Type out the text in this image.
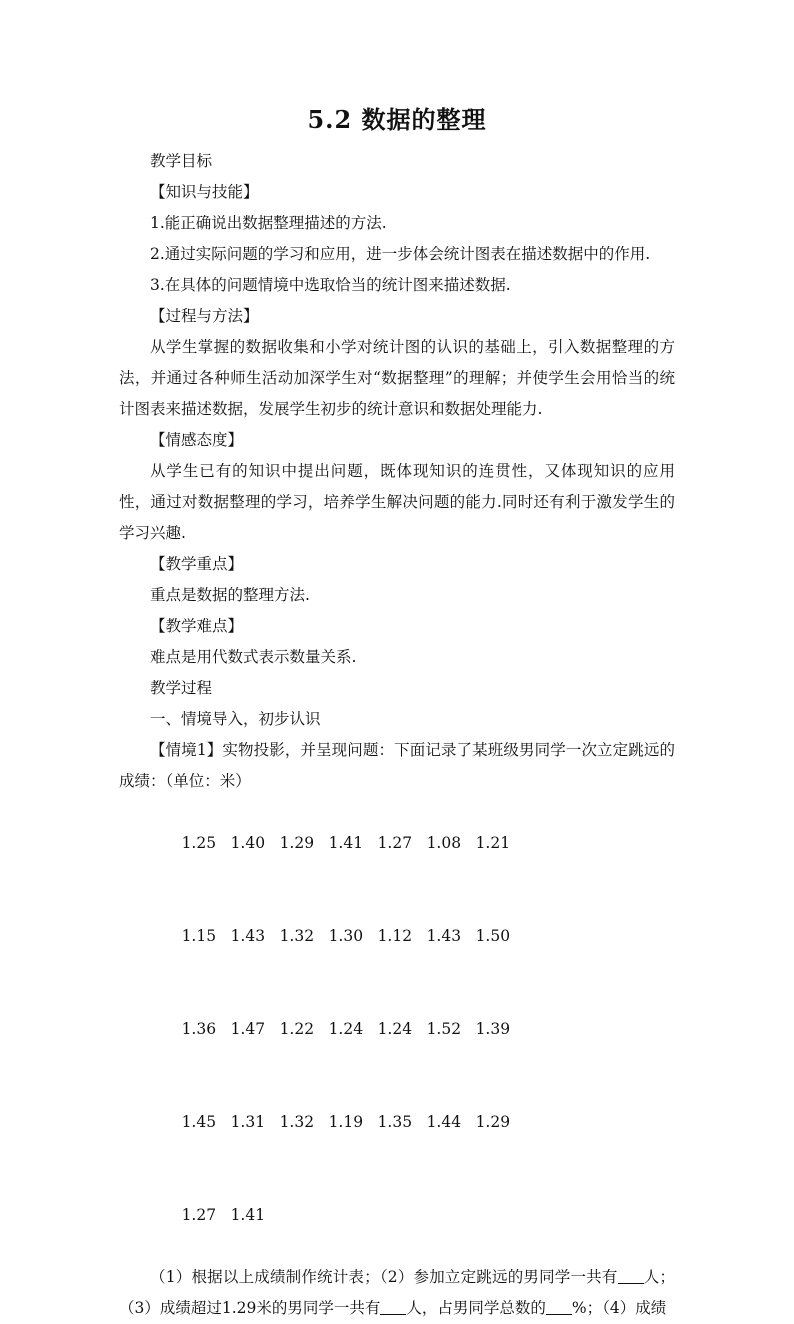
5.2 数据的整理

教学目标

【知识与技能】

1.能正确说出数据整理描述的方法.

2.通过实际问题的学习和应用，进一步体会统计图表在描述数据中的作用.

3.在具体的问题情境中选取恰当的统计图来描述数据.

【过程与方法】

从学生掌握的数据收集和小学对统计图的认识的基础上，引入数据整理的方法，并通过各种师生活动加深学生对“数据整理”的理解；并使学生会用恰当的统计图表来描述数据，发展学生初步的统计意识和数据处理能力.

【情感态度】

从学生已有的知识中提出问题，既体现知识的连贯性，又体现知识的应用性，通过对数据整理的学习，培养学生解决问题的能力.同时还有利于激发学生的学习兴趣.

【教学重点】

重点是数据的整理方法.

【教学难点】

难点是用代数式表示数量关系.

教学过程

一、情境导入，初步认识

【情境1】实物投影，并呈现问题：下面记录了某班级男同学一次立定跳远的成绩：（单位：米）

1.25 1.40 1.29 1.41 1.27 1.08 1.21

1.15 1.43 1.32 1.30 1.12 1.43 1.50

1.36 1.47 1.22 1.24 1.24 1.52 1.39

1.45 1.31 1.32 1.19 1.35 1.44 1.29

1.27 1.41

（1）根据以上成绩制作统计表；（2）参加立定跳远的男同学一共有 人；（3）成绩超过1.29米的男同学一共有 人，占男同学总数的 %；（4）成绩
